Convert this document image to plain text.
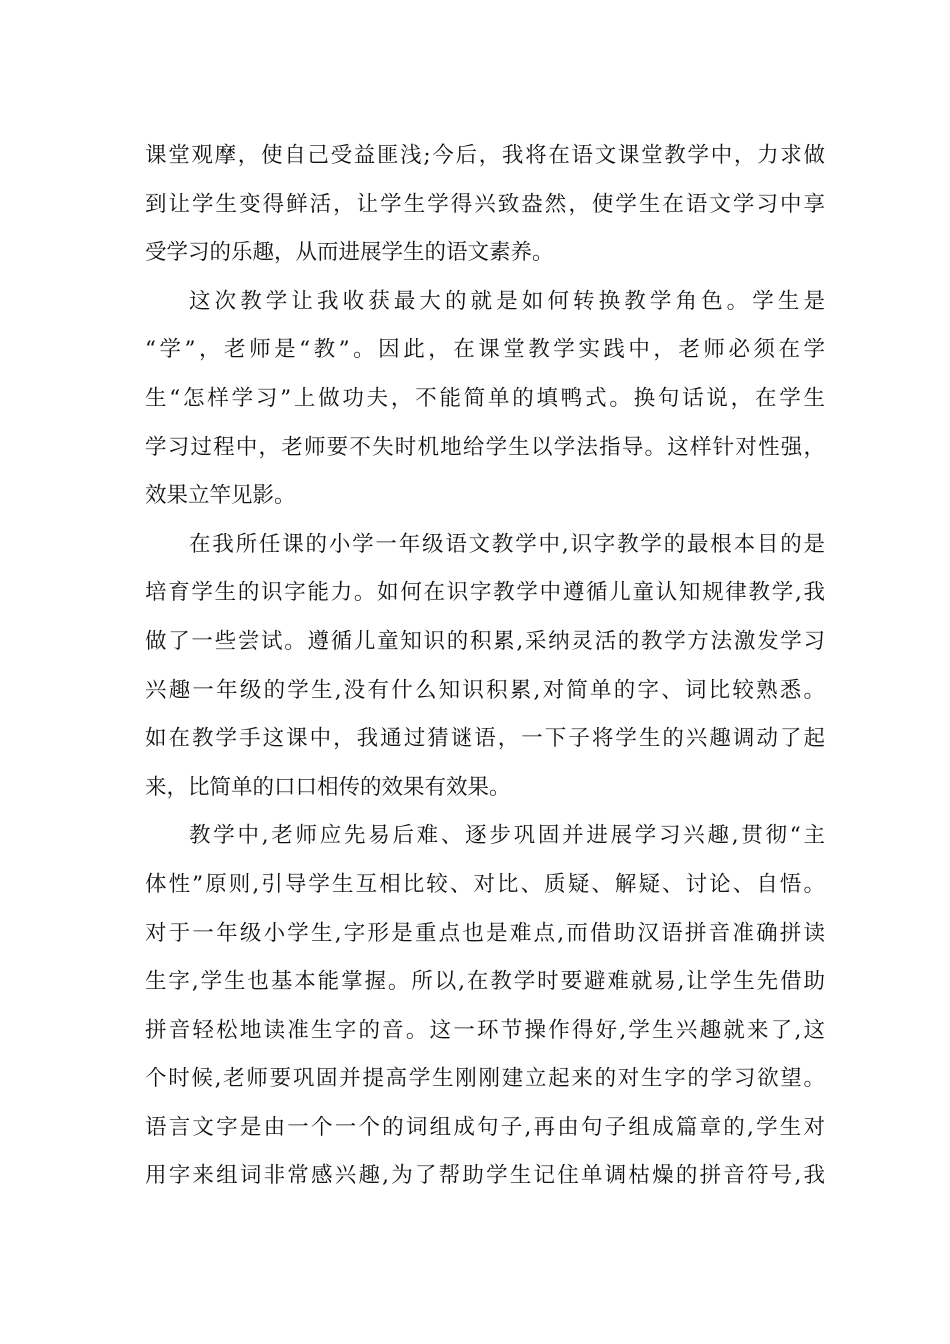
课堂观摩，使自己受益匪浅;今后，我将在语文课堂教学中，力求做
到让学生变得鲜活，让学生学得兴致盎然，使学生在语文学习中享
受学习的乐趣，从而进展学生的语文素养。
这次教学让我收获最大的就是如何转换教学角色。学生是
“学”，老师是“教”。因此，在课堂教学实践中，老师必须在学
生“怎样学习”上做功夫，不能简单的填鸭式。换句话说，在学生
学习过程中，老师要不失时机地给学生以学法指导。这样针对性强，
效果立竿见影。
在我所任课的小学一年级语文教学中,识字教学的最根本目的是
培育学生的识字能力。如何在识字教学中遵循儿童认知规律教学,我
做了一些尝试。遵循儿童知识的积累,采纳灵活的教学方法激发学习
兴趣一年级的学生,没有什么知识积累,对简单的字、词比较熟悉。
如在教学手这课中，我通过猜谜语，一下子将学生的兴趣调动了起
来，比简单的口口相传的效果有效果。
教学中,老师应先易后难、逐步巩固并进展学习兴趣,贯彻“主
体性”原则,引导学生互相比较、对比、质疑、解疑、讨论、自悟。
对于一年级小学生,字形是重点也是难点,而借助汉语拼音准确拼读
生字,学生也基本能掌握。所以,在教学时要避难就易,让学生先借助
拼音轻松地读准生字的音。这一环节操作得好,学生兴趣就来了,这
个时候,老师要巩固并提高学生刚刚建立起来的对生字的学习欲望。
语言文字是由一个一个的词组成句子,再由句子组成篇章的,学生对
用字来组词非常感兴趣,为了帮助学生记住单调枯燥的拼音符号,我
